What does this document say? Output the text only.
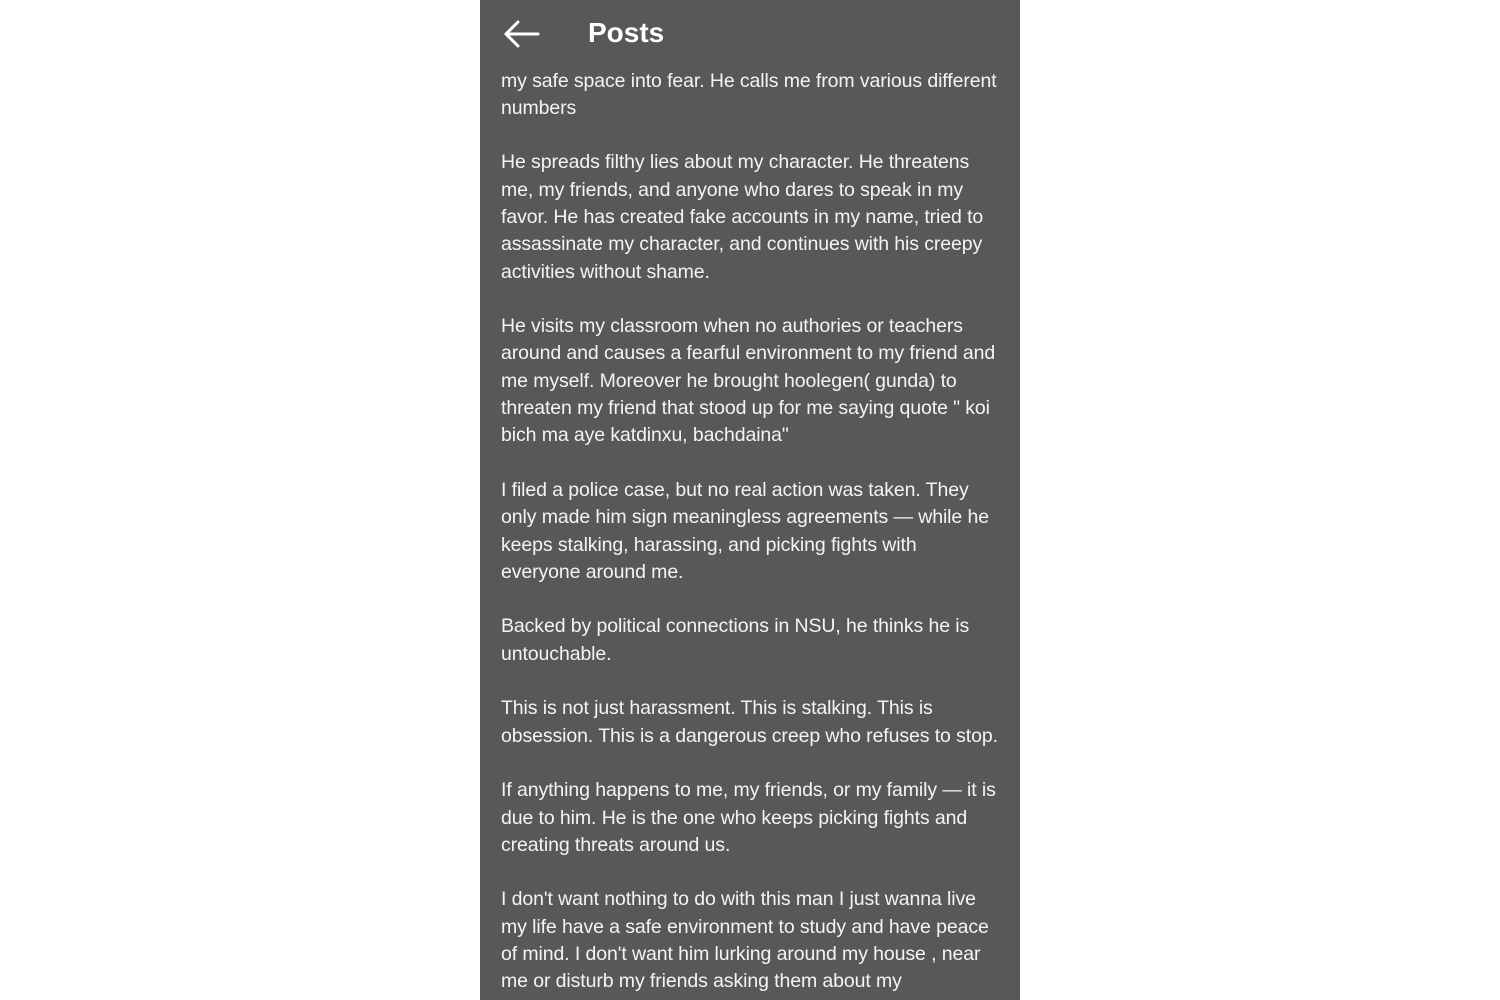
my safe space into fear. He calls me from various different
numbers

He spreads filthy lies about my character. He threatens
me, my friends, and anyone who dares to speak in my
favor. He has created fake accounts in my name, tried to
assassinate my character, and continues with his creepy
activities without shame.

He visits my classroom when no authories or teachers
around and causes a fearful environment to my friend and
me myself. Moreover he brought hoolegen( gunda) to
threaten my friend that stood up for me saying quote " koi
bich ma aye katdinxu, bachdaina"

I filed a police case, but no real action was taken. They
only made him sign meaningless agreements — while he
keeps stalking, harassing, and picking fights with
everyone around me.

Backed by political connections in NSU, he thinks he is
untouchable.

This is not just harassment. This is stalking. This is
obsession. This is a dangerous creep who refuses to stop.

If anything happens to me, my friends, or my family — it is
due to him. He is the one who keeps picking fights and
creating threats around us.

I don't want nothing to do with this man I just wanna live
my life have a safe environment to study and have peace
of mind. I don't want him lurking around my house , near
me or disturb my friends asking them about my

Posts
